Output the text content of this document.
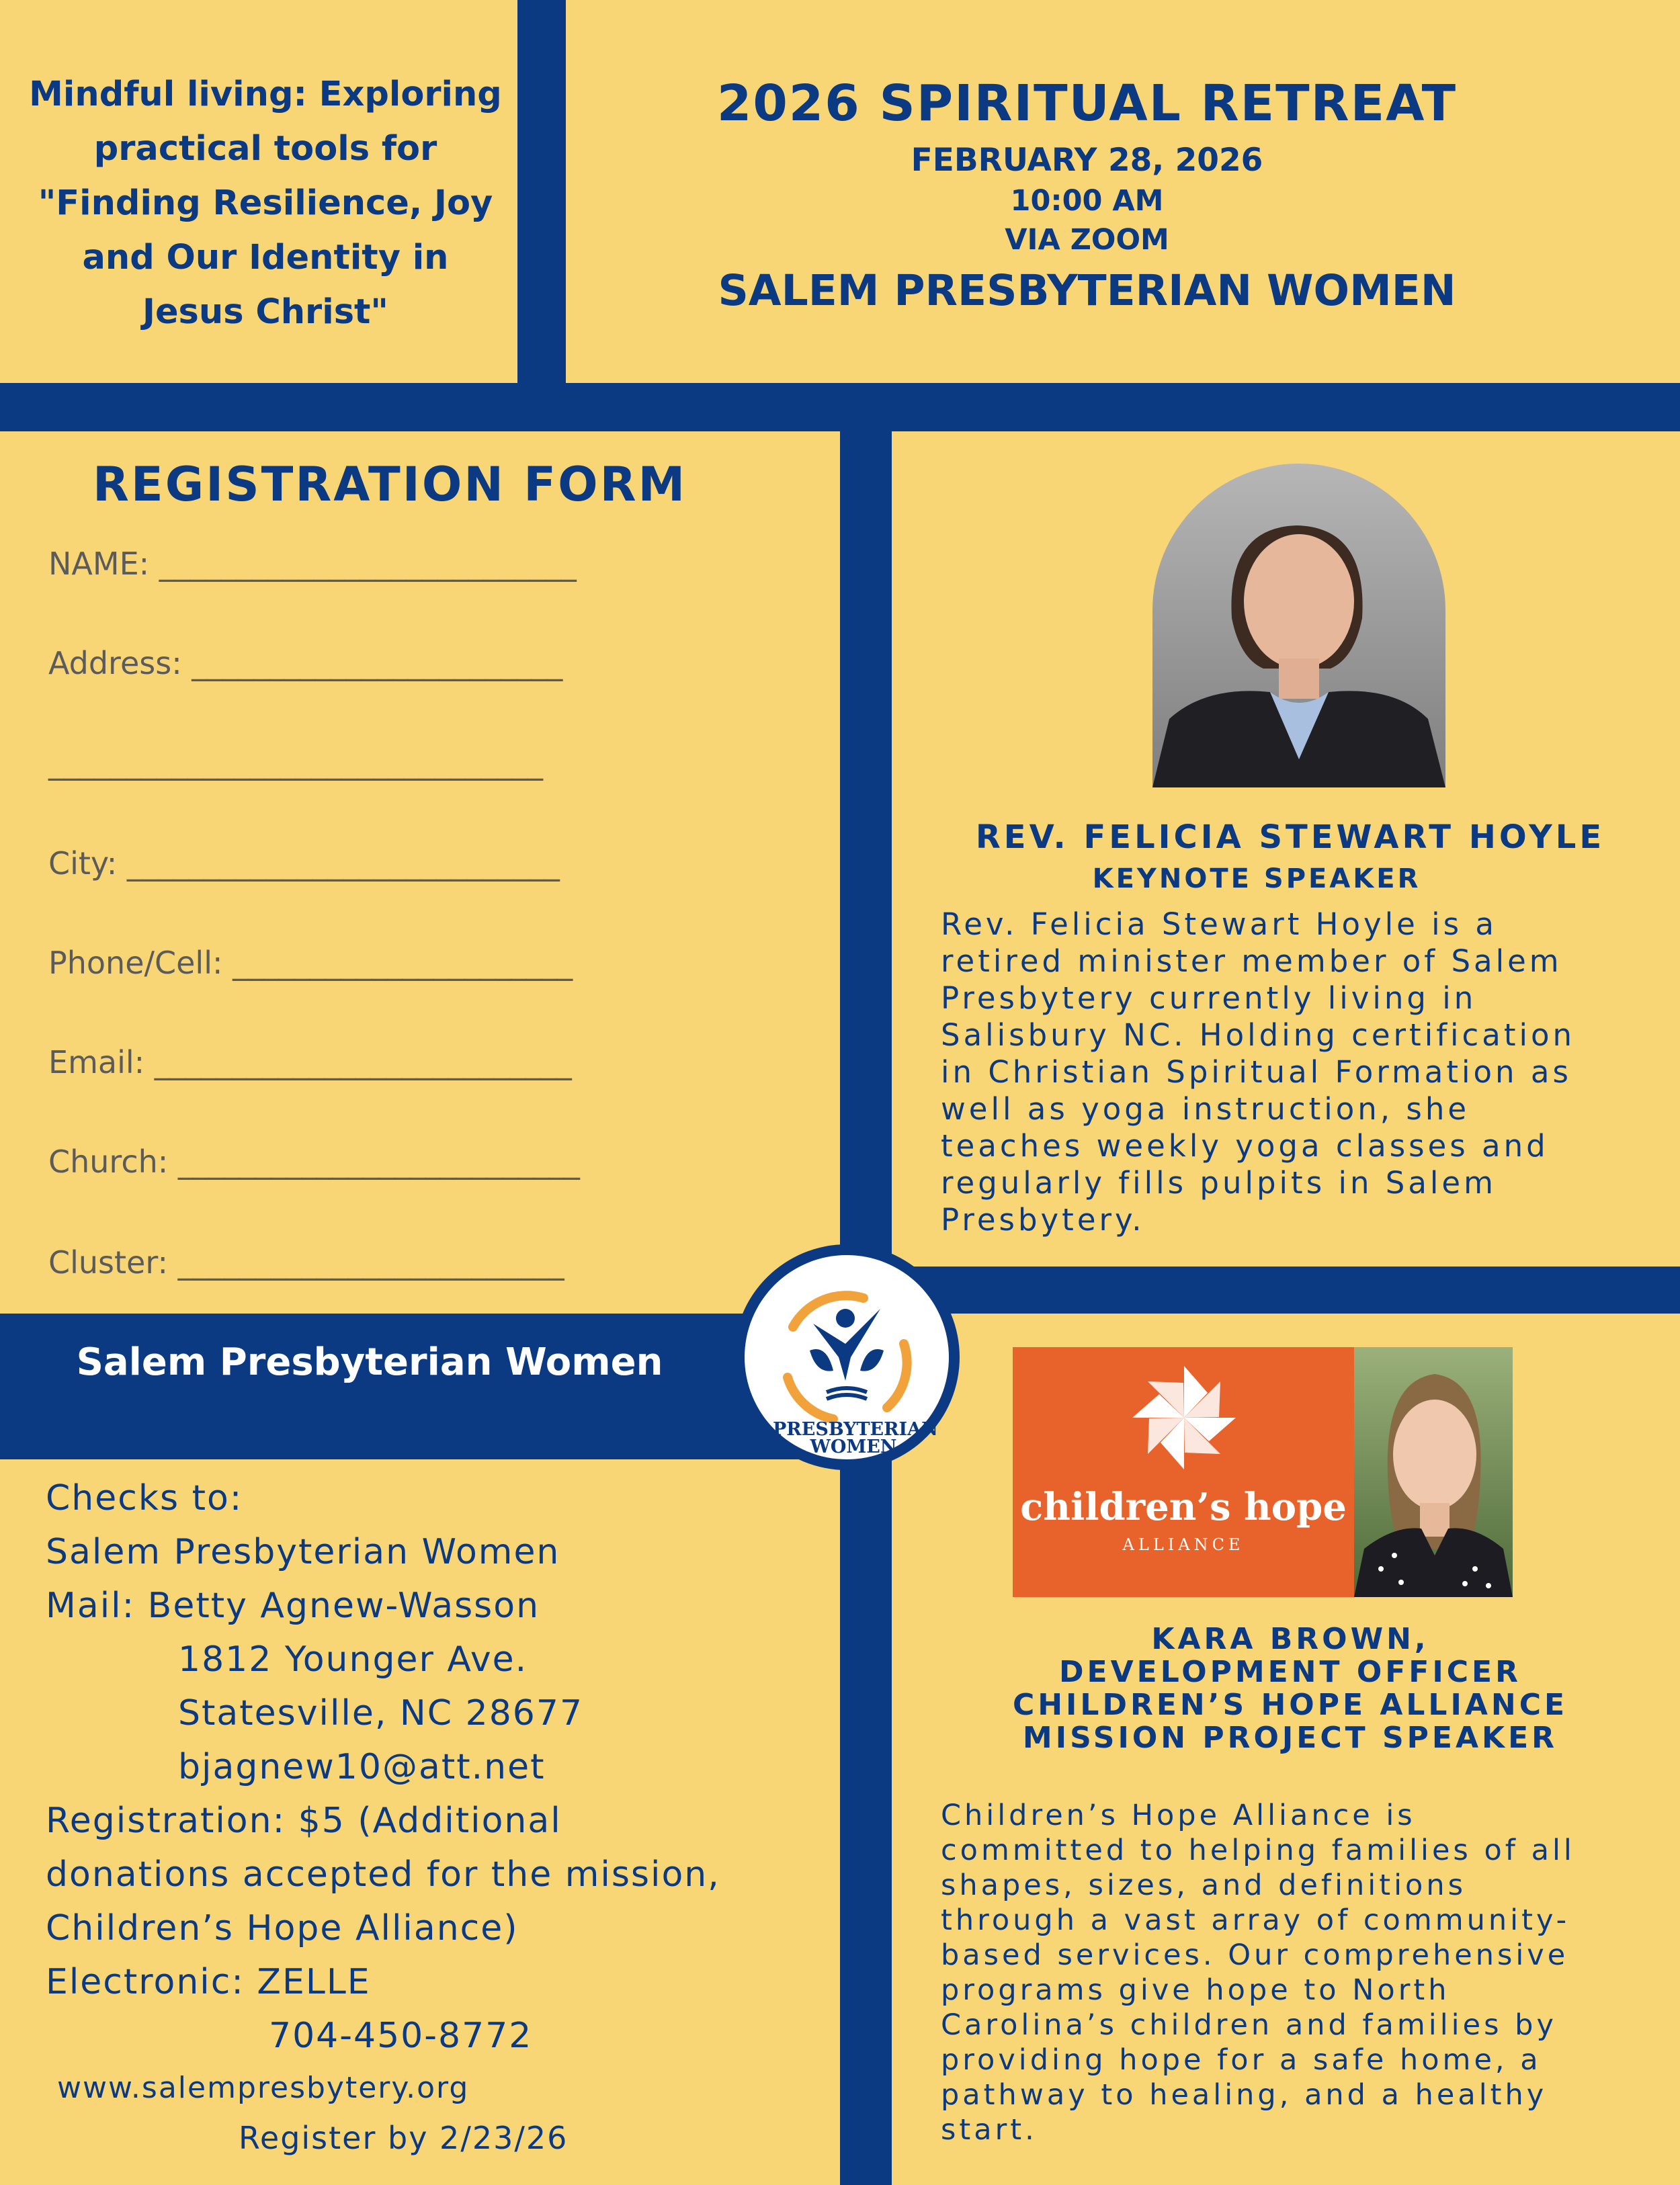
Mindful living: Exploring
practical tools for
"Finding Resilience, Joy
and Our Identity in
Jesus Christ"
2026 SPIRITUAL RETREAT
FEBRUARY 28, 2026
10:00 AM
VIA ZOOM
SALEM PRESBYTERIAN WOMEN
REGISTRATION FORM
NAME: ___________________________
Address: ________________________
________________________________
City: ____________________________
Phone/Cell: ______________________
Email: ___________________________
Church: __________________________
Cluster: _________________________
Salem Presbyterian Women
Checks to:
Salem Presbyterian Women
Mail: Betty Agnew-Wasson
1812 Younger Ave.
Statesville, NC 28677
bjagnew10@att.net
Registration: $5 (Additional
donations accepted for the mission,
Children’s Hope Alliance)
Electronic: ZELLE
704-450-8772
www.salempresbytery.org
Register by 2/23/26
PRESBYTERIAN
WOMEN
REV. FELICIA STEWART HOYLE
KEYNOTE SPEAKER
Rev. Felicia Stewart Hoyle is a
retired minister member of Salem
Presbytery currently living in
Salisbury NC. Holding certification
in Christian Spiritual Formation as
well as yoga instruction, she
teaches weekly yoga classes and
regularly fills pulpits in Salem
Presbytery.
children’s hope
ALLIANCE
KARA BROWN,
DEVELOPMENT OFFICER
CHILDREN’S HOPE ALLIANCE
MISSION PROJECT SPEAKER
Children’s Hope Alliance is
committed to helping families of all
shapes, sizes, and definitions
through a vast array of community-
based services. Our comprehensive
programs give hope to North
Carolina’s children and families by
providing hope for a safe home, a
pathway to healing, and a healthy
start.
